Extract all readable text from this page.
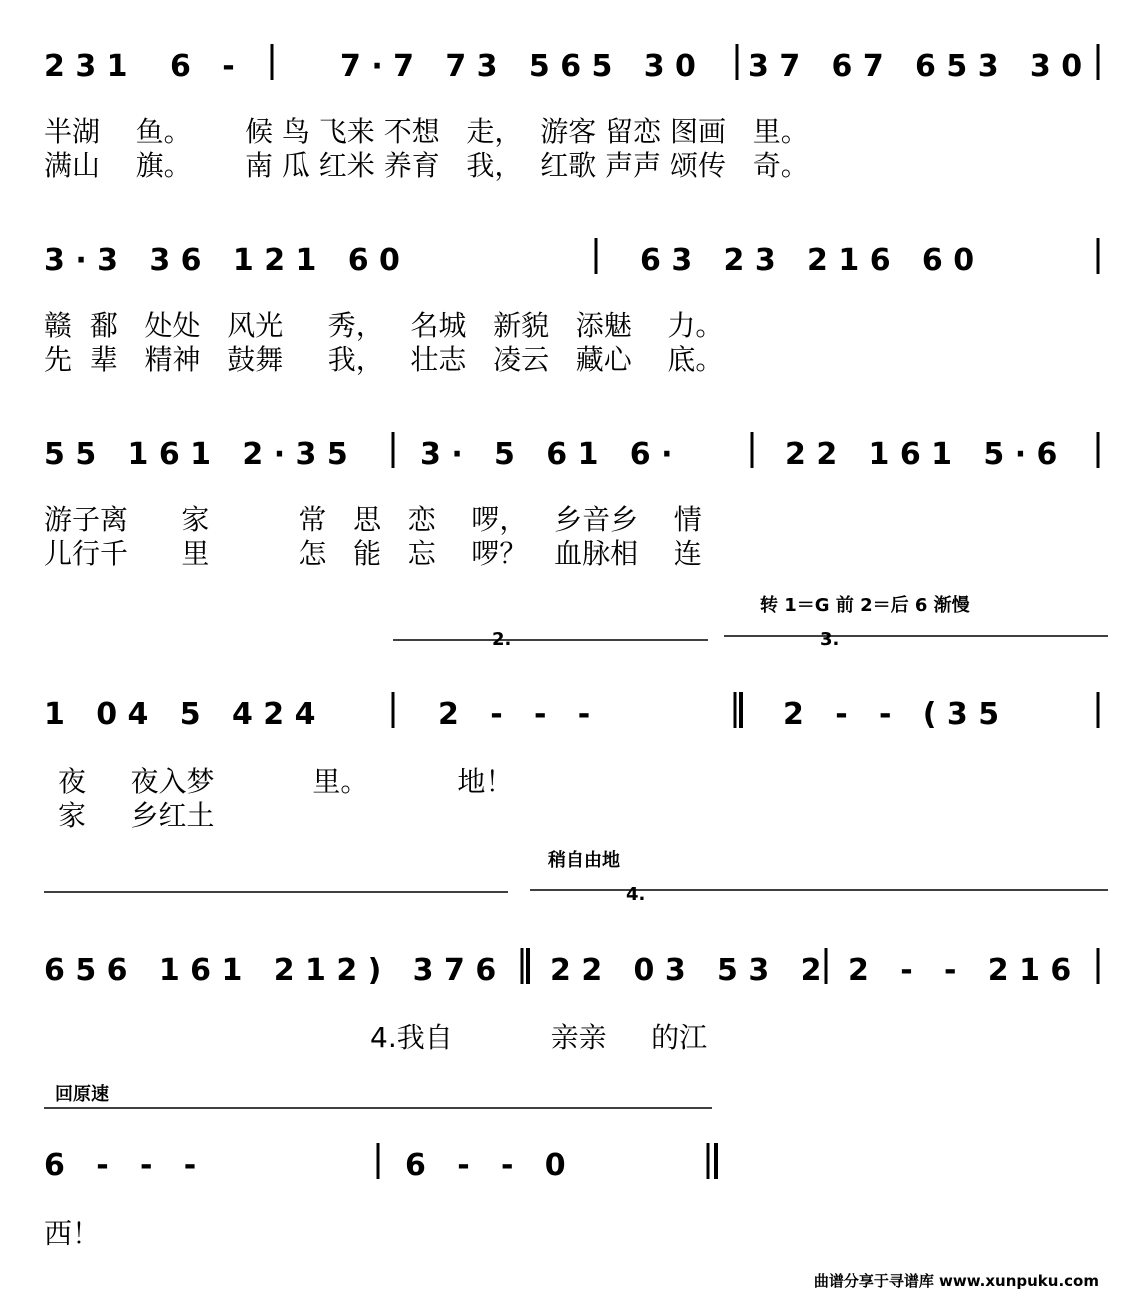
2 3 1 6   -	7 · 7   7 3   5 6 5   3 0 3 7   6 7   6 5 3   3 0
3 · 3   3 6   1 2 1   6 0	6 3   2 3   2 1 6   6 0
5 5   1 6 1   2 · 3 5 3 ·   5   6 1   6 ·	2 2   1 6 1   5 · 6
1   0 4   5   4 2 4	2   -   -   -	2   -   -   ( 3 5
6 5 6   1 6 1   2 1 2 )   3 7 6 2 2   0 3   5 3   2 2   -   -   2 1 6
6   -   -   -	6   -   -   0
转 1＝G 前 2＝后 6 渐慢
稍自由地
回原速
2.	3.
4.
半湖    鱼。      候 鸟 飞来 不想   走，  游客 留恋 图画   里。
满山    旗。      南 瓜 红米 养育   我，  红歌 声声 颂传   奇。
赣  鄱   处处   风光     秀，   名城   新貌   添魅    力。
先  辈   精神   鼓舞     我，   壮志   凌云   藏心    底。
游子离      家          常   思   恋    啰，   乡音乡    情
儿行千      里          怎   能   忘    啰？   血脉相    连
夜     夜入梦           里。          地！
家     乡红土
4.我自           亲亲     的江
西！
曲谱分享于寻谱库 www.xunpuku.com
